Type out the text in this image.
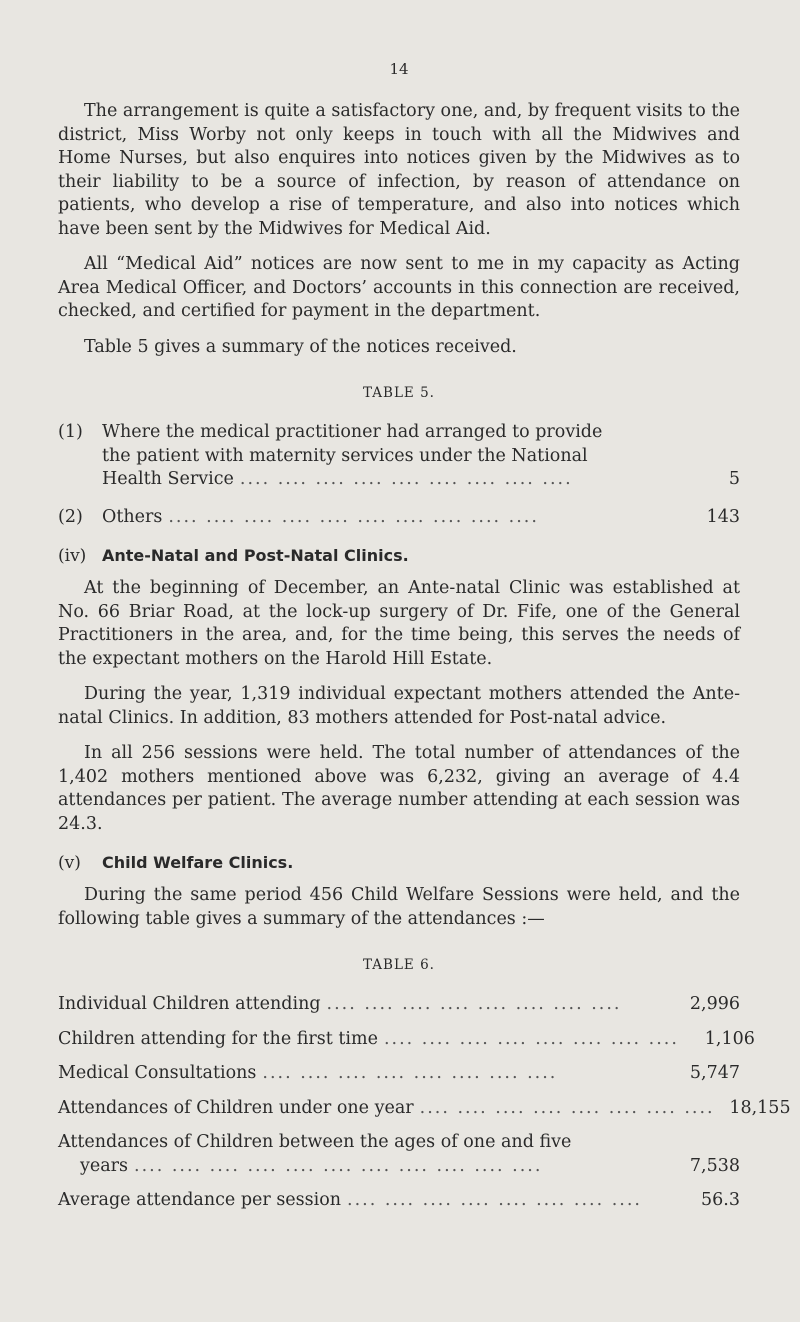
14

The arrangement is quite a satisfactory one, and, by frequent visits to the district, Miss Worby not only keeps in touch with all the Midwives and Home Nurses, but also enquires into notices given by the Midwives as to their liability to be a source of infection, by reason of attendance on patients, who develop a rise of temperature, and also into notices which have been sent by the Midwives for Medical Aid.

All “Medical Aid” notices are now sent to me in my capacity as Acting Area Medical Officer, and Doctors’ accounts in this connection are received, checked, and certified for payment in the department.

Table 5 gives a summary of the notices received.

TABLE 5.
(1)	Where the medical practitioner had arranged to provide
the patient with maternity services under the National
Health Service .... .... .... .... .... .... .... .... ....	5
(2)	Others .... .... .... .... .... .... .... .... .... ....	143
(iv) Ante-Natal and Post-Natal Clinics.

At the beginning of December, an Ante-natal Clinic was established at No. 66 Briar Road, at the lock-up surgery of Dr. Fife, one of the General Practitioners in the area, and, for the time being, this serves the needs of the expectant mothers on the Harold Hill Estate.

During the year, 1,319 individual expectant mothers attended the Ante-natal Clinics. In addition, 83 mothers attended for Post-natal advice.

In all 256 sessions were held. The total number of attendances of the 1,402 mothers mentioned above was 6,232, giving an average of 4.4 attendances per patient. The average number attending at each session was 24.3.

(v)	Child Welfare Clinics.

During the same period 456 Child Welfare Sessions were held, and the following table gives a summary of the attendances :—

TABLE 6.
Individual Children attending .... .... .... .... .... .... .... ....	2,996
Children attending for the first time .... .... .... .... .... .... .... ....	1,106
Medical Consultations .... .... .... .... .... .... .... ....	5,747
Attendances of Children under one year .... .... .... .... .... .... .... .... 18,155
Attendances of Children between the ages of one and five
years .... .... .... .... .... .... .... .... .... .... ....	7,538
Average attendance per session .... .... .... .... .... .... .... ....	56.3
